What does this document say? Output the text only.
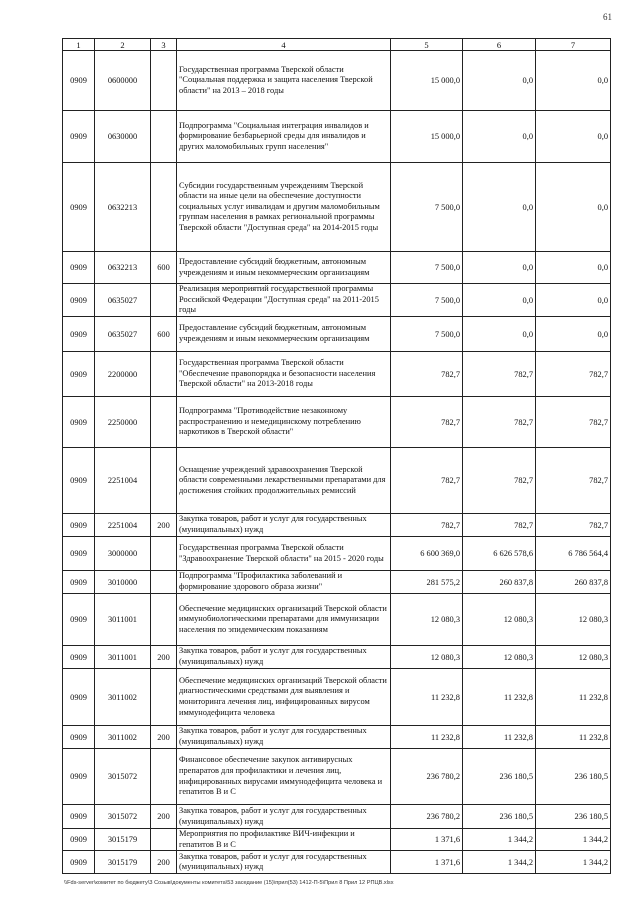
61
1	2	3	4	5	6	7
0909	0600000		Государственная программа Тверской области "Социальная поддержка и защита населения Тверской области" на 2013 – 2018 годы	15 000,0	0,0	0,0
0909	0630000		Подпрограмма "Социальная интеграция инвалидов и формирование безбарьерной среды для инвалидов и других маломобильных групп населения"	15 000,0	0,0	0,0
0909	0632213		Субсидии государственным учреждениям Тверской области на иные цели на обеспечение доступности социальных услуг инвалидам и другим маломобильным группам населения в рамках региональной программы Тверской области "Доступная среда" на 2014-2015 годы	7 500,0	0,0	0,0
0909	0632213	600	Предоставление субсидий бюджетным, автономным учреждениям и иным некоммерческим организациям	7 500,0	0,0	0,0
0909	0635027		Реализация мероприятий государственной программы Российской Федерации "Доступная среда" на 2011-2015 годы	7 500,0	0,0	0,0
0909	0635027	600	Предоставление субсидий бюджетным, автономным учреждениям и иным некоммерческим организациям	7 500,0	0,0	0,0
0909	2200000		Государственная программа Тверской области "Обеспечение правопорядка и безопасности населения Тверской области" на 2013-2018 годы	782,7	782,7	782,7
0909	2250000		Подпрограмма "Противодействие незаконному распространению и немедицинскому потреблению наркотиков в Тверской области"	782,7	782,7	782,7
0909	2251004		Оснащение учреждений здравоохранения Тверской области современными лекарственными препаратами для достижения стойких продолжительных ремиссий	782,7	782,7	782,7
0909	2251004	200	Закупка товаров, работ и услуг для государственных (муниципальных) нужд	782,7	782,7	782,7
0909	3000000		Государственная программа Тверской области "Здравоохранение Тверской области" на 2015 - 2020 годы	6 600 369,0	6 626 578,6	6 786 564,4
0909	3010000		Подпрограмма "Профилактика заболеваний и формирование здорового образа жизни"	281 575,2	260 837,8	260 837,8
0909	3011001		Обеспечение медицинских организаций Тверской области иммунобиологическими препаратами для иммунизации населения по эпидемическим показаниям	12 080,3	12 080,3	12 080,3
0909	3011001	200	Закупка товаров, работ и услуг для государственных (муниципальных) нужд	12 080,3	12 080,3	12 080,3
0909	3011002		Обеспечение медицинских организаций Тверской области диагностическими средствами для выявления и мониторинга лечения лиц, инфицированных вирусом иммунодефицита человека	11 232,8	11 232,8	11 232,8
0909	3011002	200	Закупка товаров, работ и услуг для государственных (муниципальных) нужд	11 232,8	11 232,8	11 232,8
0909	3015072		Финансовое обеспечение закупок антивирусных препаратов для профилактики и лечения лиц, инфицированных вирусами иммунодефицита человека и гепатитов В и С	236 780,2	236 180,5	236 180,5
0909	3015072	200	Закупка товаров, работ и услуг для государственных (муниципальных) нужд	236 780,2	236 180,5	236 180,5
0909	3015179		Мероприятия по профилактике ВИЧ-инфекции и гепатитов В и С	1 371,6	1 344,2	1 344,2
0909	3015179	200	Закупка товаров, работ и услуг для государственных (муниципальных) нужд	1 371,6	1 344,2	1 344,2
\\Fds-server\комитет по бюджету\3 Созыв\документы комитета\53 заседание (15)\прил(53) 1412-П-5\Прил 8 Прил 12 РПЦВ.xlsx
